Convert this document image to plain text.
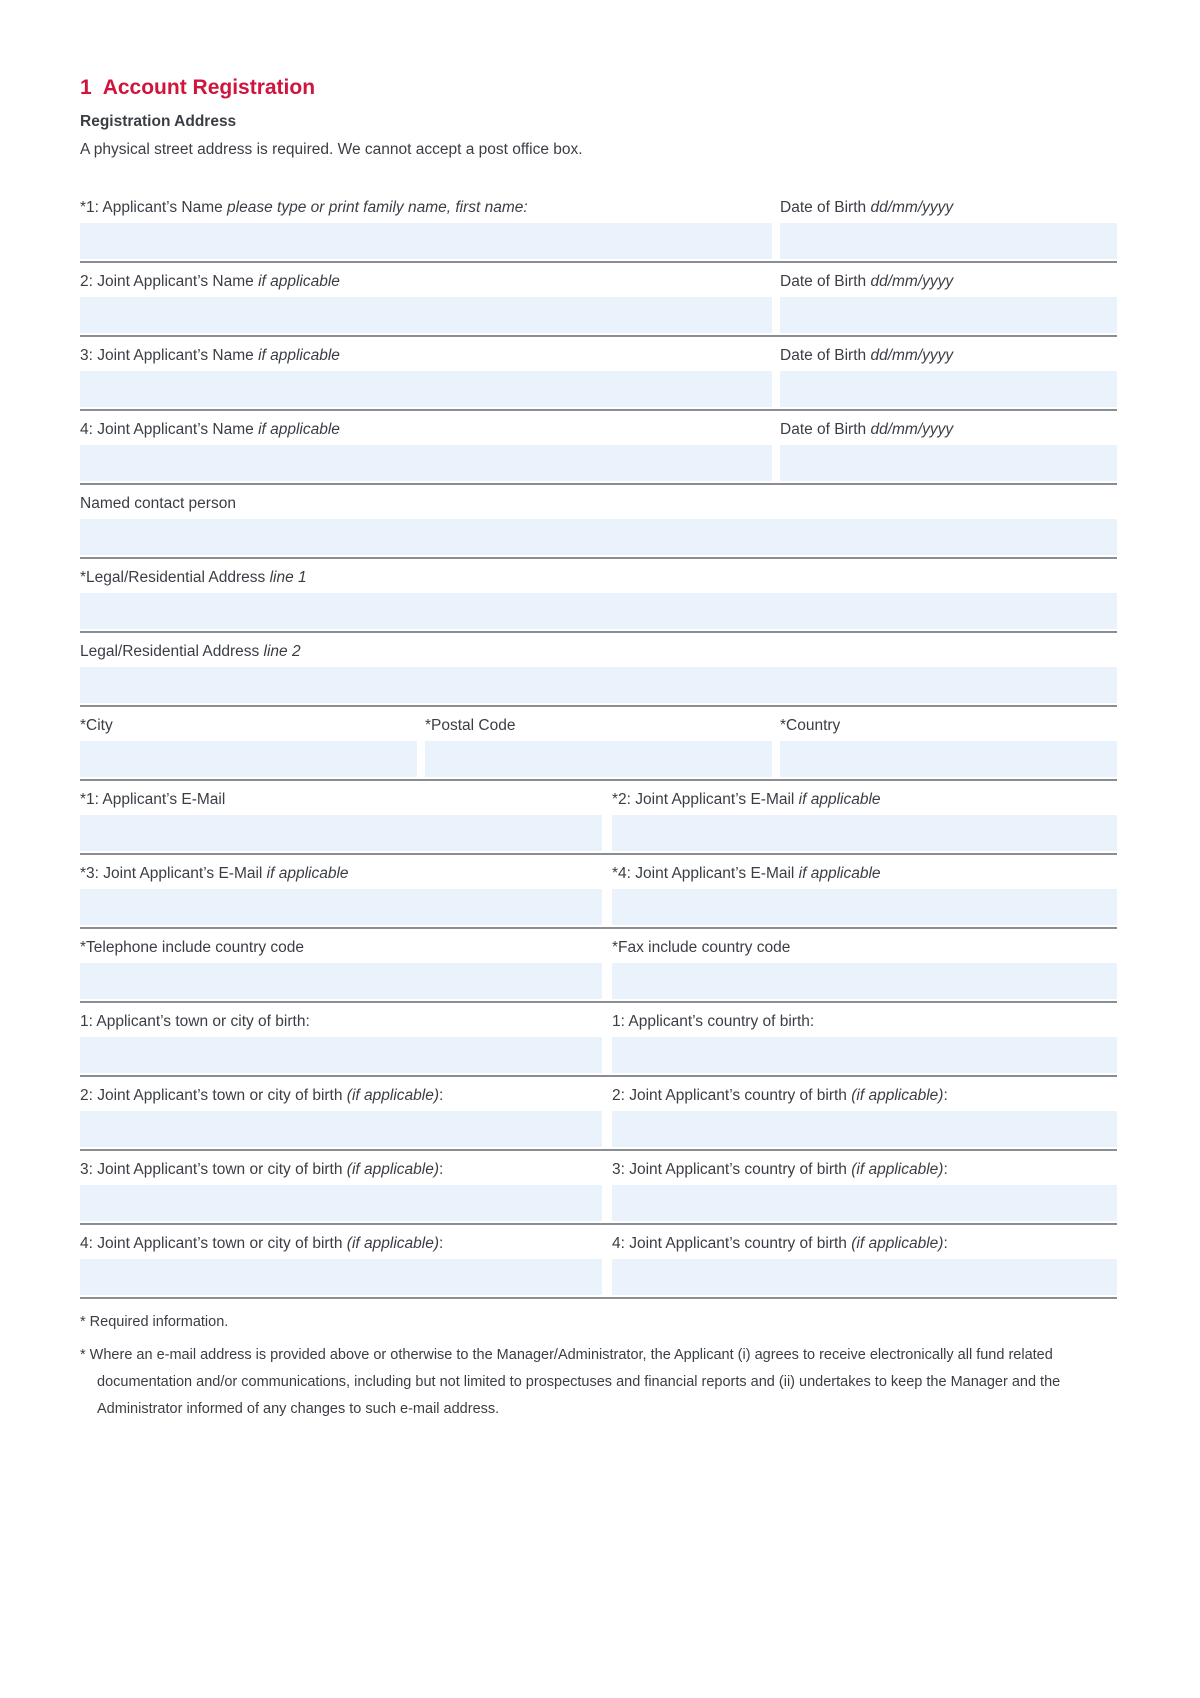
1 Account Registration
Registration Address
A physical street address is required. We cannot accept a post office box.
*1: Applicant’s Name please type or print family name, first name:	Date of Birth dd/mm/yyyy
2: Joint Applicant’s Name if applicable	Date of Birth dd/mm/yyyy
3: Joint Applicant’s Name if applicable	Date of Birth dd/mm/yyyy
4: Joint Applicant’s Name if applicable	Date of Birth dd/mm/yyyy
Named contact person
*Legal/Residential Address line 1
Legal/Residential Address line 2
*City	*Postal Code	*Country
*1: Applicant’s E-Mail	*2: Joint Applicant’s E-Mail if applicable
*3: Joint Applicant’s E-Mail if applicable	*4: Joint Applicant’s E-Mail if applicable
*Telephone include country code	*Fax include country code
1: Applicant’s town or city of birth:	1: Applicant’s country of birth:
2: Joint Applicant’s town or city of birth (if applicable):	2: Joint Applicant’s country of birth (if applicable):
3: Joint Applicant’s town or city of birth (if applicable):	3: Joint Applicant’s country of birth (if applicable):
4: Joint Applicant’s town or city of birth (if applicable):	4: Joint Applicant’s country of birth (if applicable):
* Required information.
* Where an e-mail address is provided above or otherwise to the Manager/Administrator, the Applicant (i) agrees to receive electronically all fund related documentation and/or communications, including but not limited to prospectuses and financial reports and (ii) undertakes to keep the Manager and the Administrator informed of any changes to such e-mail address.
